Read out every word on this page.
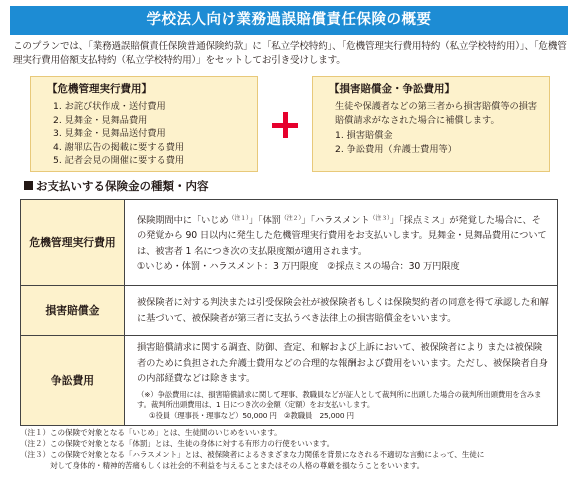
学校法人向け業務過誤賠償責任保険の概要

このプランでは、「業務過誤賠償責任保険普通保険約款」に「私立学校特約」、「危機管理実行費用特約（私立学校特約用）」、「危機管理実行費用倍額支払特約（私立学校特約用）」をセットしてお引き受けします。

【危機管理実行費用】
1. お詫び状作成・送付費用
2. 見舞金・見舞品費用
3. 見舞金・見舞品送付費用
4. 謝罪広告の掲載に要する費用
5. 記者会見の開催に要する費用
【損害賠償金・争訟費用】

生徒や保護者などの第三者から損害賠償等の損害賠償請求がなされた場合に補償します。

1. 損害賠償金
2. 争訟費用（弁護士費用等）
お支払いする保険金の種類・内容
危機管理実行費用	保険期間中に「いじめ$^{(注1)}$」「体罰$^{(注2)}$」「ハラスメント$^{(注3)}$」「採点ミス」が発覚した場合に、その発覚から 90 日以内に発生した危機管理実行費用をお支払いします。見舞金・見舞品費用については、被害者 1 名につき次の支払限度額が適用されます。
①いじめ・体罰・ハラスメント：3 万円限度　②採点ミスの場合：30 万円限度

損害賠償金	被保険者に対する判決または引受保険会社が被保険者もしくは保険契約者の同意を得て承認した和解に基づいて、被保険者が第三者に支払うべき法律上の損害賠償金をいいます。
争訟費用	損害賠償請求に関する調査、防御、査定、和解および上訴において、被保険者により または被保険者のために負担された弁護士費用などの合理的な報酬および費用をいいます。ただし、被保険者自身の内部経費などは除きます。
（※）争訟費用には、損害賠償請求に関して理事、教職員などが証人として裁判所に出頭した場合の裁判所出頭費用を含みます。裁判所出頭費用は、1 日につき次の金額（定額）をお支払いします。
①役員（理事長・理事など）50,000 円　②教職員　25,000 円
（注１）この保険で対象となる「いじめ」とは、生徒間のいじめをいいます。
（注２）この保険で対象となる「体罰」とは、生徒の身体に対する有形力の行使をいいます。
（注３）この保険で対象となる「ハラスメント」とは、被保険者によるさまざまな力関係を背景になされる不適切な言動によって、生徒に
対して身体的・精神的苦痛もしくは社会的不利益を与えることまたはその人格の尊厳を損なうことをいいます。
